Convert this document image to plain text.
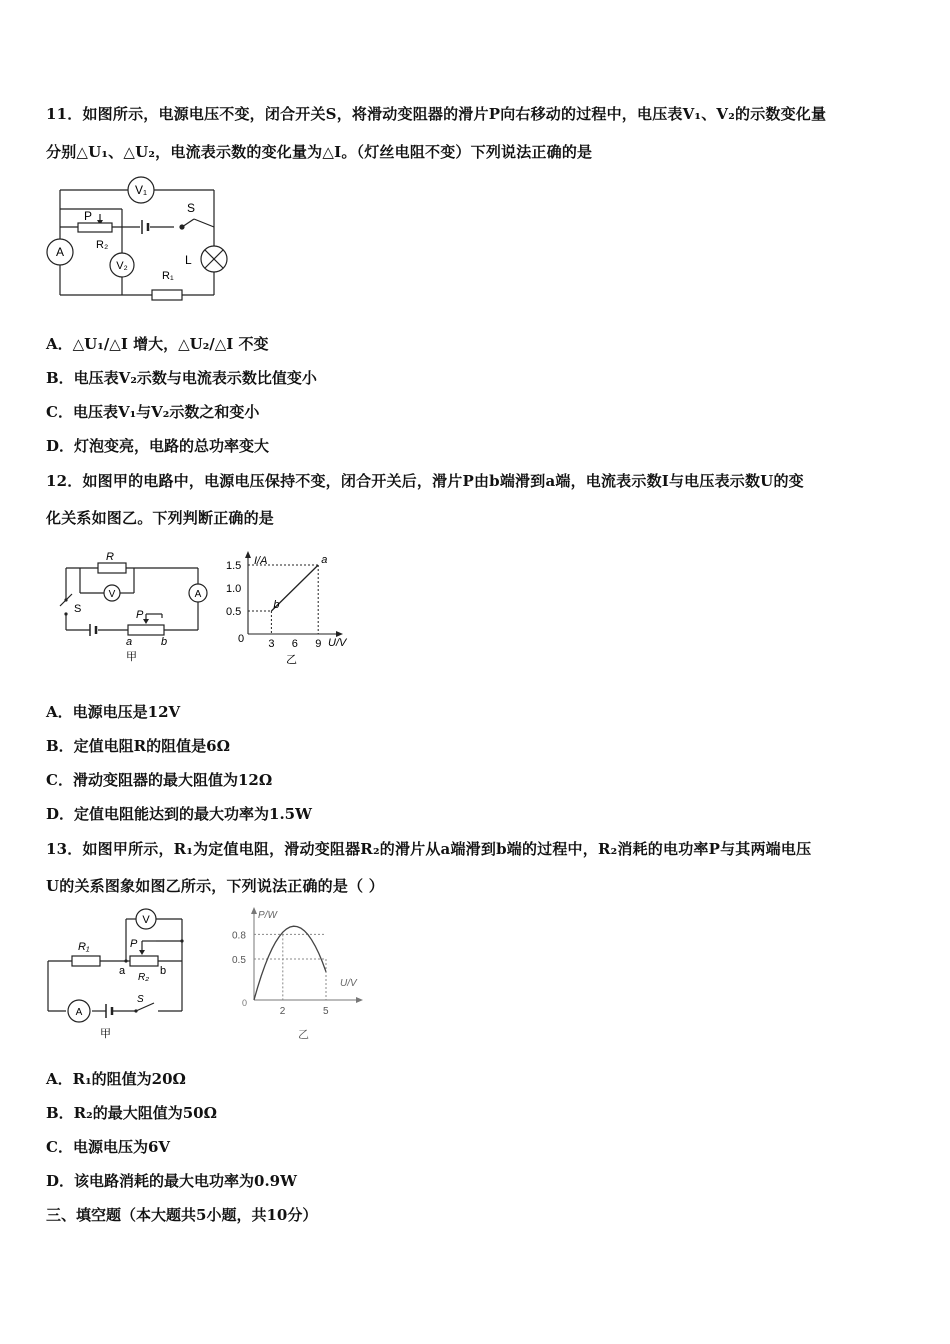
11．如图所示，电源电压不变，闭合开关S，将滑动变阻器的滑片P向右移动的过程中，电压表V₁、V₂的示数变化量
分别△U₁、△U₂，电流表示数的变化量为△I。（灯丝电阻不变）下列说法正确的是
V₁
A
V₂
P
R₂
S
L
R₁
A．△U₁/△I 增大，△U₂/△I 不变
B．电压表V₂示数与电流表示数比值变小
C．电压表V₁与V₂示数之和变小
D．灯泡变亮，电路的总功率变大
12．如图甲的电路中，电源电压保持不变，闭合开关后，滑片P由b端滑到a端，电流表示数I与电压表示数U的变
化关系如图乙。下列判断正确的是
R
V	A
S	P
a	b
甲
1.5
1.0
0.5
3 6 9
a
b
I/A
U/V
0
乙
A．电源电压是12V
B．定值电阻R的阻值是6Ω
C．滑动变阻器的最大阻值为12Ω
D．定值电阻能达到的最大功率为1.5W
13．如图甲所示，R₁为定值电阻，滑动变阻器R₂的滑片从a端滑到b端的过程中，R₂消耗的电功率P与其两端电压
U的关系图象如图乙所示，下列说法正确的是（ ）
V
R₁	P
a	b
R₂
A
S
甲
0.8
0.5
2	5
P/W
U/V
0
乙
A．R₁的阻值为20Ω
B．R₂的最大阻值为50Ω
C．电源电压为6V
D．该电路消耗的最大电功率为0.9W
三、填空题（本大题共5小题，共10分）
